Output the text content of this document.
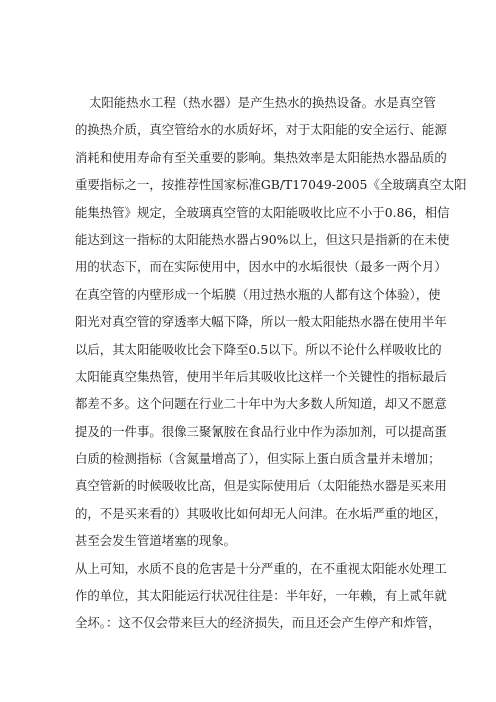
太阳能热水工程（热水器）是产生热水的换热设备。水是真空管
的换热介质，真空管给水的水质好坏，对于太阳能的安全运行、能源
消耗和使用寿命有至关重要的影响。集热效率是太阳能热水器品质的
重要指标之一，按推荐性国家标准GB/T17049-2005《全玻璃真空太阳
能集热管》规定，全玻璃真空管的太阳能吸收比应不小于0.86，相信
能达到这一指标的太阳能热水器占90%以上，但这只是指新的在未使
用的状态下，而在实际使用中，因水中的水垢很快（最多一两个月）
在真空管的内壁形成一个垢膜（用过热水瓶的人都有这个体验），使
阳光对真空管的穿透率大幅下降，所以一般太阳能热水器在使用半年
以后，其太阳能吸收比会下降至0.5以下。所以不论什么样吸收比的
太阳能真空集热管，使用半年后其吸收比这样一个关键性的指标最后
都差不多。这个问题在行业二十年中为大多数人所知道，却又不愿意
提及的一件事。很像三聚氰胺在食品行业中作为添加剂，可以提高蛋
白质的检测指标（含氮量增高了），但实际上蛋白质含量并未增加；
真空管新的时候吸收比高，但是实际使用后（太阳能热水器是买来用
的，不是买来看的）其吸收比如何却无人问津。在水垢严重的地区，
甚至会发生管道堵塞的现象。
从上可知，水质不良的危害是十分严重的，在不重视太阳能水处理工
作的单位，其太阳能运行状况往往是：半年好，一年赖，有上贰年就
全坏。：这不仅会带来巨大的经济损失，而且还会产生停产和炸管，
